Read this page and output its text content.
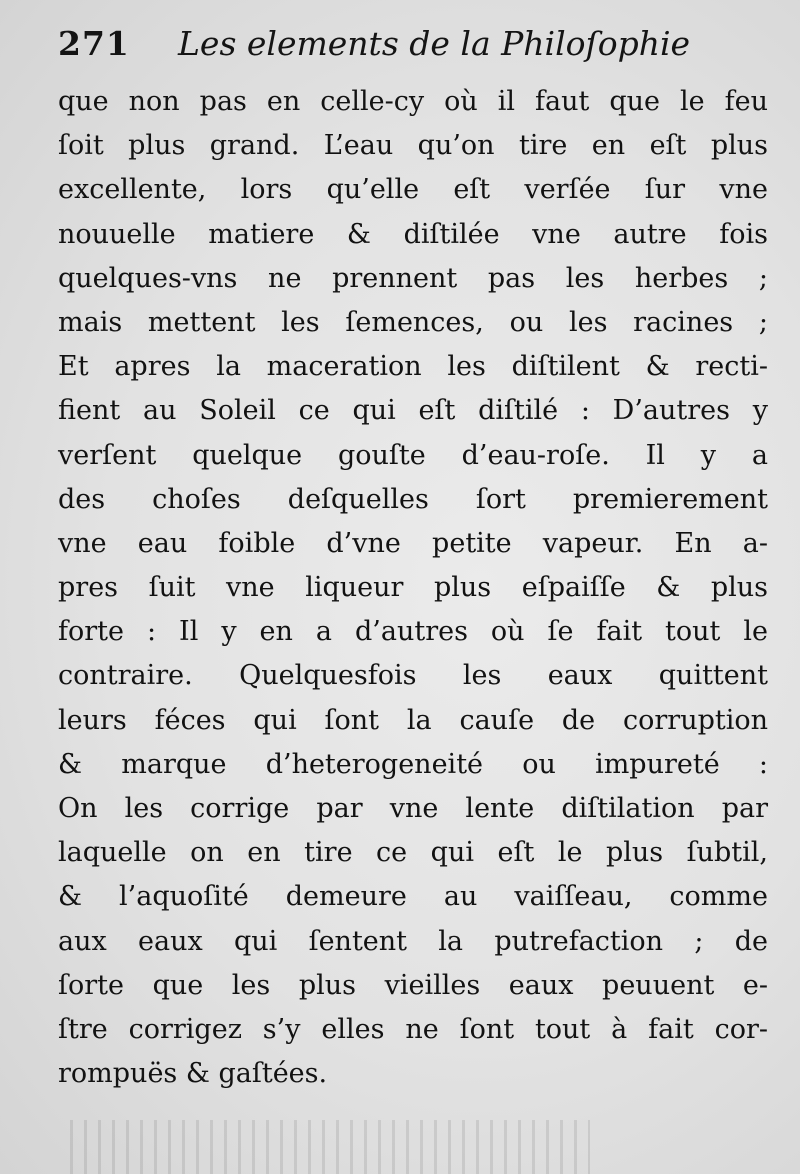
271 Les elements de la Philoſophie
que non pas en celle-cy où il faut que le feu
ſoit plus grand. L’eau qu’on tire en eſt plus
excellente, lors qu’elle eſt verſée ſur vne
nouuelle matiere & diſtilée vne autre fois
quelques-vns ne prennent pas les herbes ;
mais mettent les ſemences, ou les racines ;
Et apres la maceration les diſtilent & recti-
fient au Soleil ce qui eſt diſtilé : D’autres y
verſent quelque gouſte d’eau-roſe. Il y a
des choſes deſquelles ſort premierement
vne eau foible d’vne petite vapeur. En a-
pres ſuit vne liqueur plus eſpaiſſe & plus
forte : Il y en a d’autres où ſe fait tout le
contraire. Quelquesfois les eaux quittent
leurs féces qui ſont la cauſe de corruption
& marque d’heterogeneité ou impureté :
On les corrige par vne lente diſtilation par
laquelle on en tire ce qui eſt le plus ſubtil,
& l’aquoſité demeure au vaiſſeau, comme
aux eaux qui ſentent la putrefaction ; de
ſorte que les plus vieilles eaux peuuent e-
ſtre corrigez s’y elles ne ſont tout à fait cor-
rompuës & gaſtées.
